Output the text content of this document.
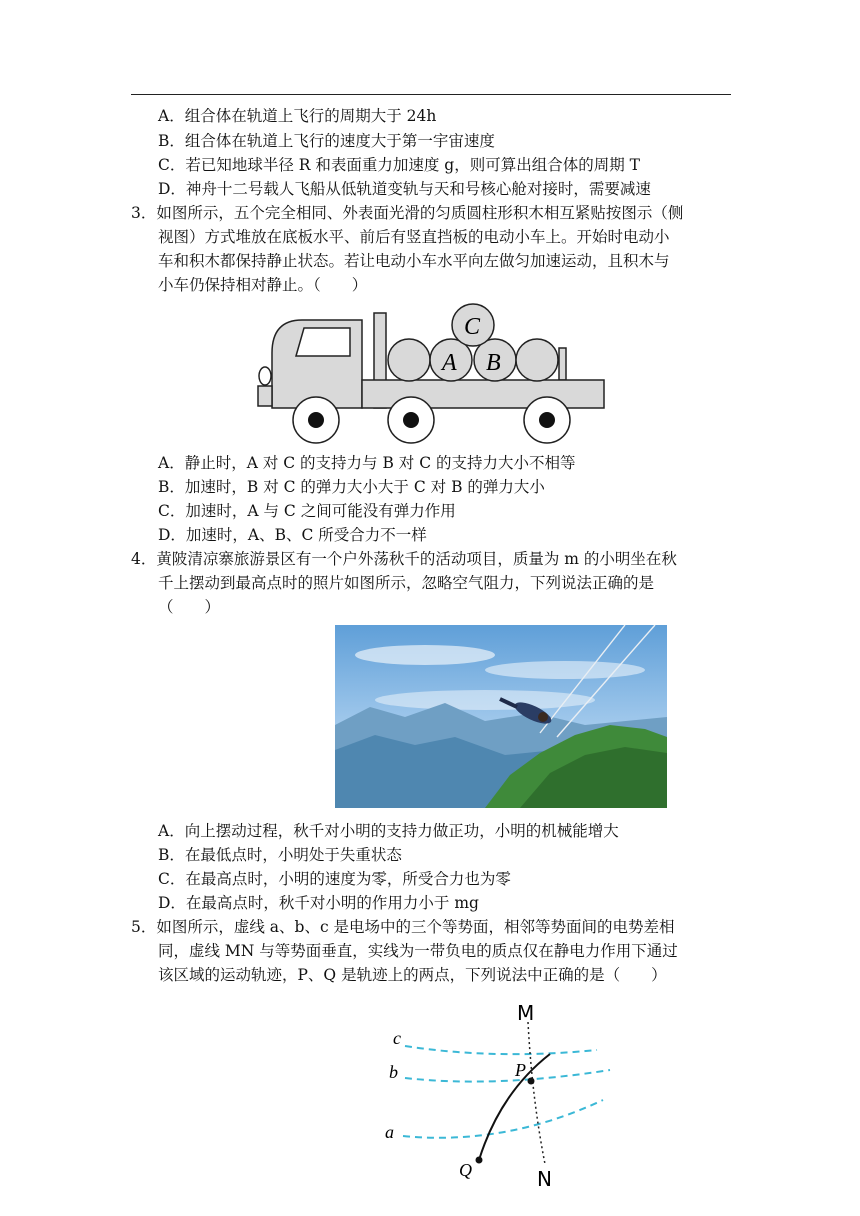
A．组合体在轨道上飞行的周期大于 24h
B．组合体在轨道上飞行的速度大于第一宇宙速度
C．若已知地球半径 R 和表面重力加速度 g，则可算出组合体的周期 T
D．神舟十二号载人飞船从低轨道变轨与天和号核心舱对接时，需要减速
3．如图所示，五个完全相同、外表面光滑的匀质圆柱形积木相互紧贴按图示（侧
视图）方式堆放在底板水平、前后有竖直挡板的电动小车上。开始时电动小
车和积木都保持静止状态。若让电动小车水平向左做匀加速运动，且积木与
小车仍保持相对静止。（　　）
C
A B
A．静止时，A 对 C 的支持力与 B 对 C 的支持力大小不相等
B．加速时，B 对 C 的弹力大小大于 C 对 B 的弹力大小
C．加速时，A 与 C 之间可能没有弹力作用
D．加速时，A、B、C 所受合力不一样
4．黄陂清凉寨旅游景区有一个户外荡秋千的活动项目，质量为 m 的小明坐在秋
千上摆动到最高点时的照片如图所示，忽略空气阻力，下列说法正确的是
（　　）
A．向上摆动过程，秋千对小明的支持力做正功，小明的机械能增大
B．在最低点时，小明处于失重状态
C．在最高点时，小明的速度为零，所受合力也为零
D．在最高点时，秋千对小明的作用力小于 mg
5．如图所示，虚线 a、b、c 是电场中的三个等势面，相邻等势面间的电势差相
同，虚线 MN 与等势面垂直，实线为一带负电的质点仅在静电力作用下通过
该区域的运动轨迹，P、Q 是轨迹上的两点，下列说法中正确的是（　　）
M
N
P
Q
a
b
c
